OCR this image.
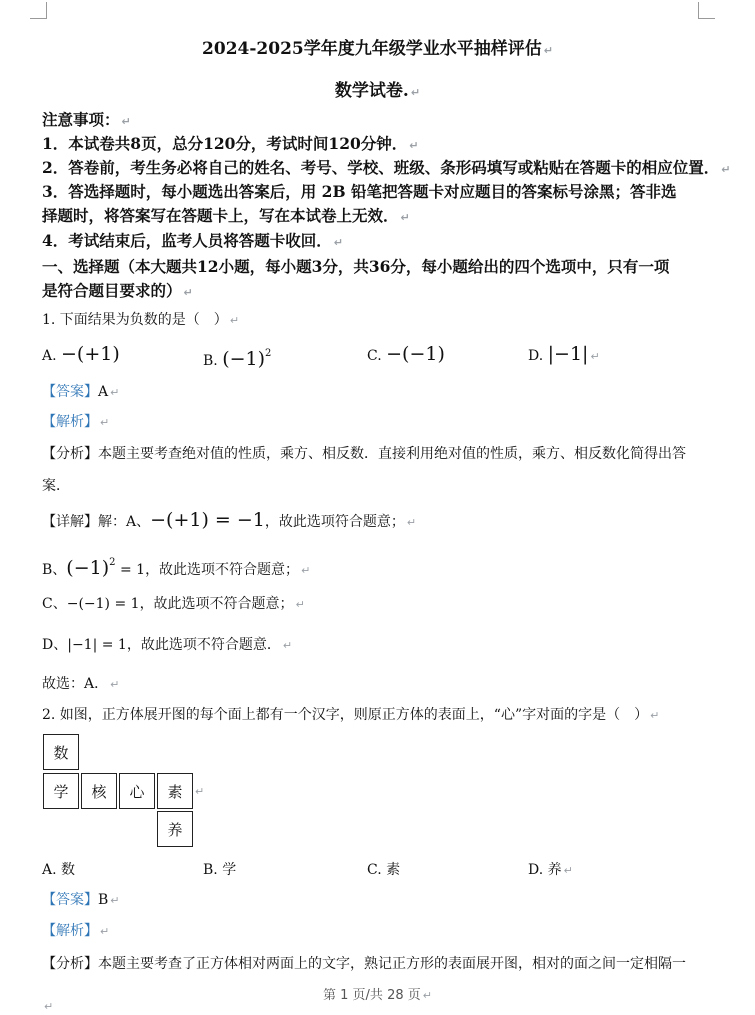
2024-2025学年度九年级学业水平抽样评估 ↵
数学试卷. ↵
注意事项： ↵
1．本试卷共8页，总分120分，考试时间120分钟． ↵
2．答卷前，考生务必将自己的姓名、考号、学校、班级、条形码填写或粘贴在答题卡的相应位置． ↵
3．答选择题时，每小题选出答案后，用 2B 铅笔把答题卡对应题目的答案标号涂黑；答非选
择题时，将答案写在答题卡上，写在本试卷上无效． ↵
4．考试结束后，监考人员将答题卡收回． ↵
一、选择题（本大题共12小题，每小题3分，共36分，每小题给出的四个选项中，只有一项
是符合题目要求的） ↵
1. 下面结果为负数的是（　） ↵
A. −(+1)	B. $(-1)^2$	C. −(−1)	D. |−1| ↵
【答案】A ↵
【解析】 ↵
【分析】本题主要考查绝对值的性质，乘方、相反数．直接利用绝对值的性质，乘方、相反数化简得出答
案．
【详解】解：A、−(+1) = −1，故此选项符合题意； ↵
B、$(-1)^2 = 1$，故此选项不符合题意； ↵
C、−(−1) = 1，故此选项不符合题意； ↵
D、|−1| = 1，故此选项不符合题意． ↵
故选：A． ↵
2. 如图，正方体展开图的每个面上都有一个汉字，则原正方体的表面上，“心”字对面的字是（　） ↵
数
学	核	心	素
养
↵
A. 数	B. 学	C. 素	D. 养 ↵
【答案】B ↵
【解析】 ↵
【分析】本题主要考查了正方体相对两面上的文字，熟记正方形的表面展开图，相对的面之间一定相隔一
第 1 页/共 28 页 ↵
↵
